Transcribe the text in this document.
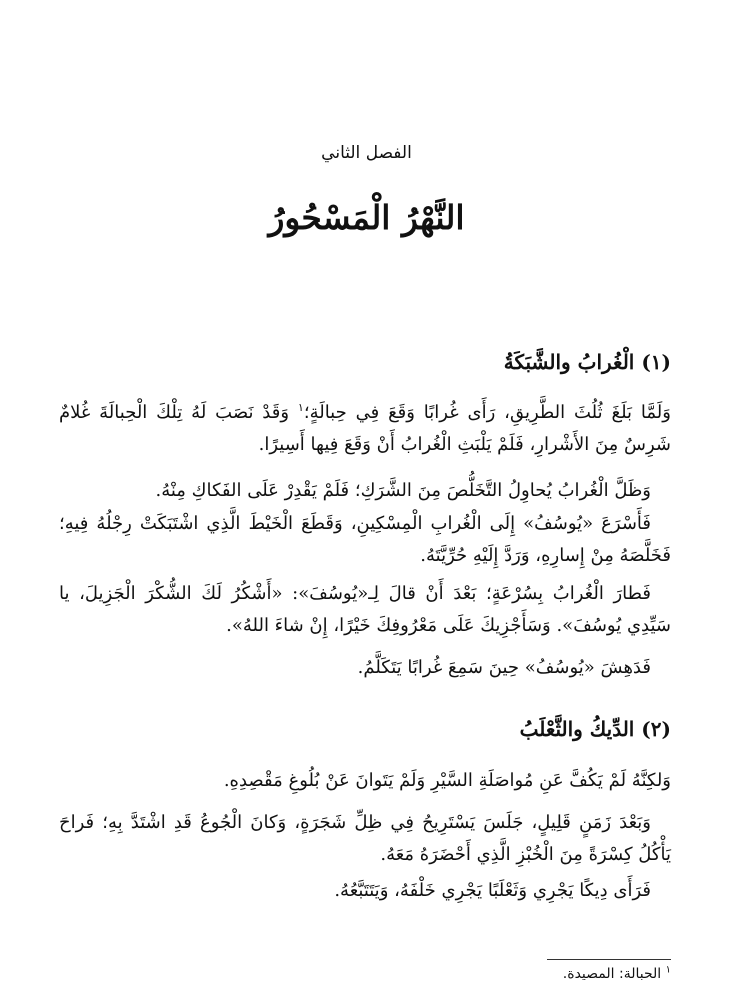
الفصل الثاني
النَّهْرُ الْمَسْحُورُ
(١) الْغُرابُ والشَّبَكَةُ

وَلَمَّا بَلَغَ ثُلُثَ الطَّرِيقِ، رَأَى غُرابًا وَقَعَ فِي حِبالَةٍ؛$^١$ وَقَدْ نَصَبَ لَهُ تِلْكَ الْحِبالَةَ غُلامٌ شَرِسٌ مِنَ الأَشْرارِ، فَلَمْ يَلْبَثِ الْغُرابُ أَنْ وَقَعَ فِيها أَسِيرًا.

وَظَلَّ الْغُرابُ يُحاوِلُ التَّخَلُّصَ مِنَ الشَّرَكِ؛ فَلَمْ يَقْدِرْ عَلَى الفَكاكِ مِنْهُ.

فَأَسْرَعَ «يُوسُفُ» إِلَى الْغُرابِ الْمِسْكِينِ، وَقَطَعَ الْخَيْطَ الَّذِي اشْتَبَكَتْ رِجْلُهُ فِيهِ؛ فَخَلَّصَهُ مِنْ إِسارِهِ، وَرَدَّ إِلَيْهِ حُرِّيَّتَهُ.

فَطارَ الْغُرابُ بِسُرْعَةٍ؛ بَعْدَ أَنْ قالَ لِـ«يُوسُفَ»: «أَشْكُرُ لَكَ الشُّكْرَ الْجَزِيلَ، يا سَيِّدِي يُوسُفَ». وَسَأَجْزِيكَ عَلَى مَعْرُوفِكَ خَيْرًا، إِنْ شاءَ اللهُ».

فَدَهِشَ «يُوسُفُ» حِينَ سَمِعَ غُرابًا يَتَكَلَّمُ.

(٢) الدِّيكُ والثَّعْلَبُ

وَلكِنَّهُ لَمْ يَكُفَّ عَنِ مُواصَلَةِ السَّيْرِ وَلَمْ يَتَوانَ عَنْ بُلُوغِ مَقْصِدِهِ.

وَبَعْدَ زَمَنٍ قَلِيلٍ، جَلَسَ يَسْتَرِيحُ فِي ظِلِّ شَجَرَةٍ، وَكانَ الْجُوعُ قَدِ اشْتَدَّ بِهِ؛ فَراحَ يَأْكُلُ كِسْرَةً مِنَ الْخُبْزِ الَّذِي أَحْضَرَهُ مَعَهُ.

فَرَأَى دِيكًا يَجْرِي وَثَعْلَبًا يَجْرِي خَلْفَهُ، وَيَتَتَبَّعُهُ.

$^١$ الحبالة: المصيدة.
